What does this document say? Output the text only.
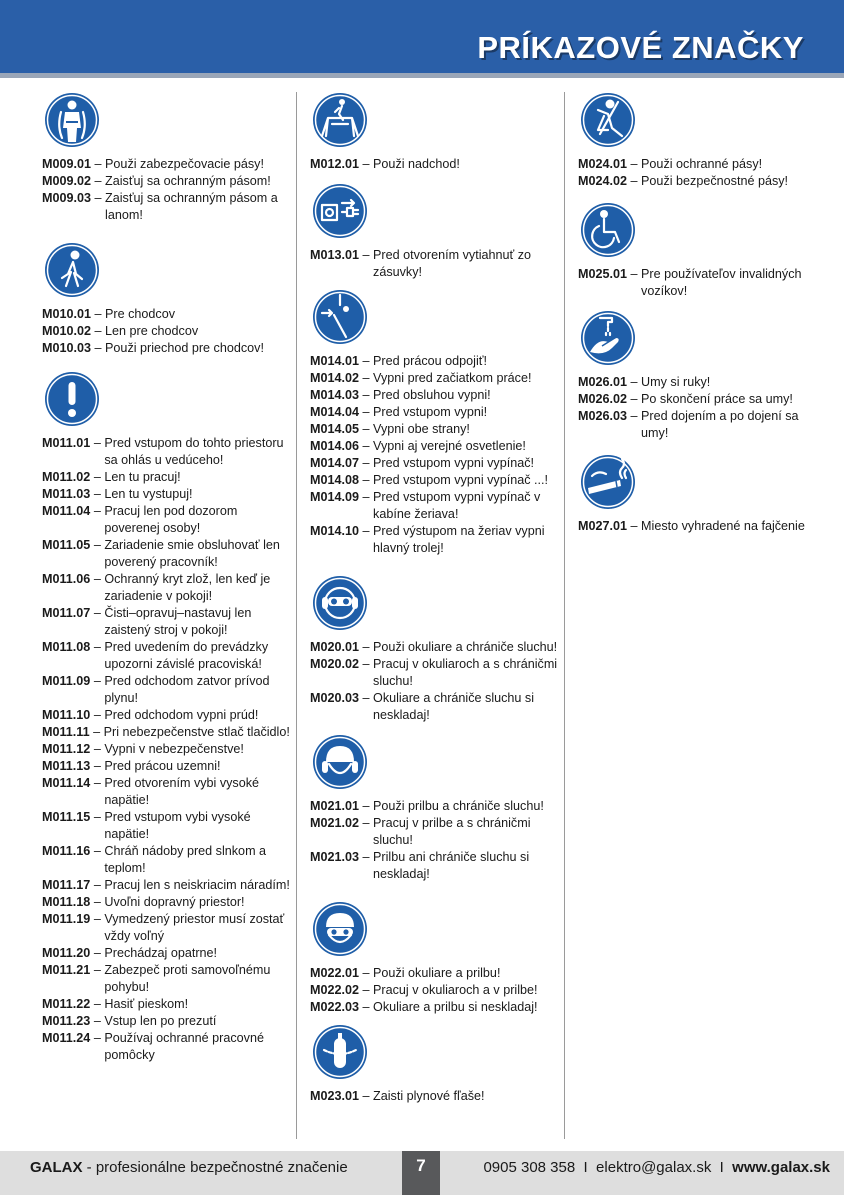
PRÍKAZOVÉ ZNAČKY
M009.01 – Použi zabezpečovacie pásy!
M009.02 – Zaisťuj sa ochranným pásom!
M009.03 – Zaisťuj sa ochranným pásom a lanom!
M010.01 – Pre chodcov
M010.02 – Len pre chodcov
M010.03 – Použi priechod pre chodcov!
M011.01 – Pred vstupom do tohto priestoru sa ohlás u vedúceho!
M011.02 – Len tu pracuj!
M011.03 – Len tu vystupuj!
M011.04 – Pracuj len pod dozorom poverenej osoby!
M011.05 – Zariadenie smie obsluhovať len poverený pracovník!
M011.06 – Ochranný kryt zlož, len keď je zariadenie v pokoji!
M011.07 – Čisti–opravuj–nastavuj len zaistený stroj v pokoji!
M011.08 – Pred uvedením do prevádzky upozorni závislé pracoviská!
M011.09 – Pred odchodom zatvor prívod plynu!
M011.10 – Pred odchodom vypni prúd!
M011.11 – Pri nebezpečenstve stlač tlačidlo!
M011.12 – Vypni v nebezpečenstve!
M011.13 – Pred prácou uzemni!
M011.14 – Pred otvorením vybi vysoké napätie!
M011.15 – Pred vstupom vybi vysoké napätie!
M011.16 – Chráň nádoby pred slnkom a teplom!
M011.17 – Pracuj len s neiskriacim náradím!
M011.18 – Uvoľni dopravný priestor!
M011.19 – Vymedzený priestor musí zostať vždy voľný
M011.20 – Prechádzaj opatrne!
M011.21 – Zabezpeč proti samovoľnému pohybu!
M011.22 – Hasiť pieskom!
M011.23 – Vstup len po prezutí
M011.24 – Používaj ochranné pracovné pomôcky
M012.01 – Použi nadchod!
M013.01 – Pred otvorením vytiahnuť zo zásuvky!
M014.01 – Pred prácou odpojiť!
M014.02 – Vypni pred začiatkom práce!
M014.03 – Pred obsluhou vypni!
M014.04 – Pred vstupom vypni!
M014.05 – Vypni obe strany!
M014.06 – Vypni aj verejné osvetlenie!
M014.07 – Pred vstupom vypni vypínač!
M014.08 – Pred vstupom vypni vypínač ...!
M014.09 – Pred vstupom vypni vypínač v kabíne žeriava!
M014.10 – Pred výstupom na žeriav vypni hlavný trolej!
M020.01 – Použi okuliare a chrániče sluchu!
M020.02 – Pracuj v okuliaroch a s chráničmi sluchu!
M020.03 – Okuliare a chrániče sluchu si neskladaj!
M021.01 – Použi prilbu a chrániče sluchu!
M021.02 – Pracuj v prilbe a s chráničmi sluchu!
M021.03 – Prilbu ani chrániče sluchu si neskladaj!
M022.01 – Použi okuliare a prilbu!
M022.02 – Pracuj v okuliaroch a v prilbe!
M022.03 – Okuliare a prilbu si neskladaj!
M023.01 – Zaisti plynové fľaše!
M024.01 – Použi ochranné pásy!
M024.02 – Použi bezpečnostné pásy!
M025.01 – Pre používateľov invalidných vozíkov!
M026.01 – Umy si ruky!
M026.02 – Po skončení práce sa umy!
M026.03 – Pred dojením a po dojení sa umy!
M027.01 – Miesto vyhradené na fajčenie
GALAX - profesionálne bezpečnostné značenie	0905 308 358  I  elektro@galax.sk  I  www.galax.sk
7
